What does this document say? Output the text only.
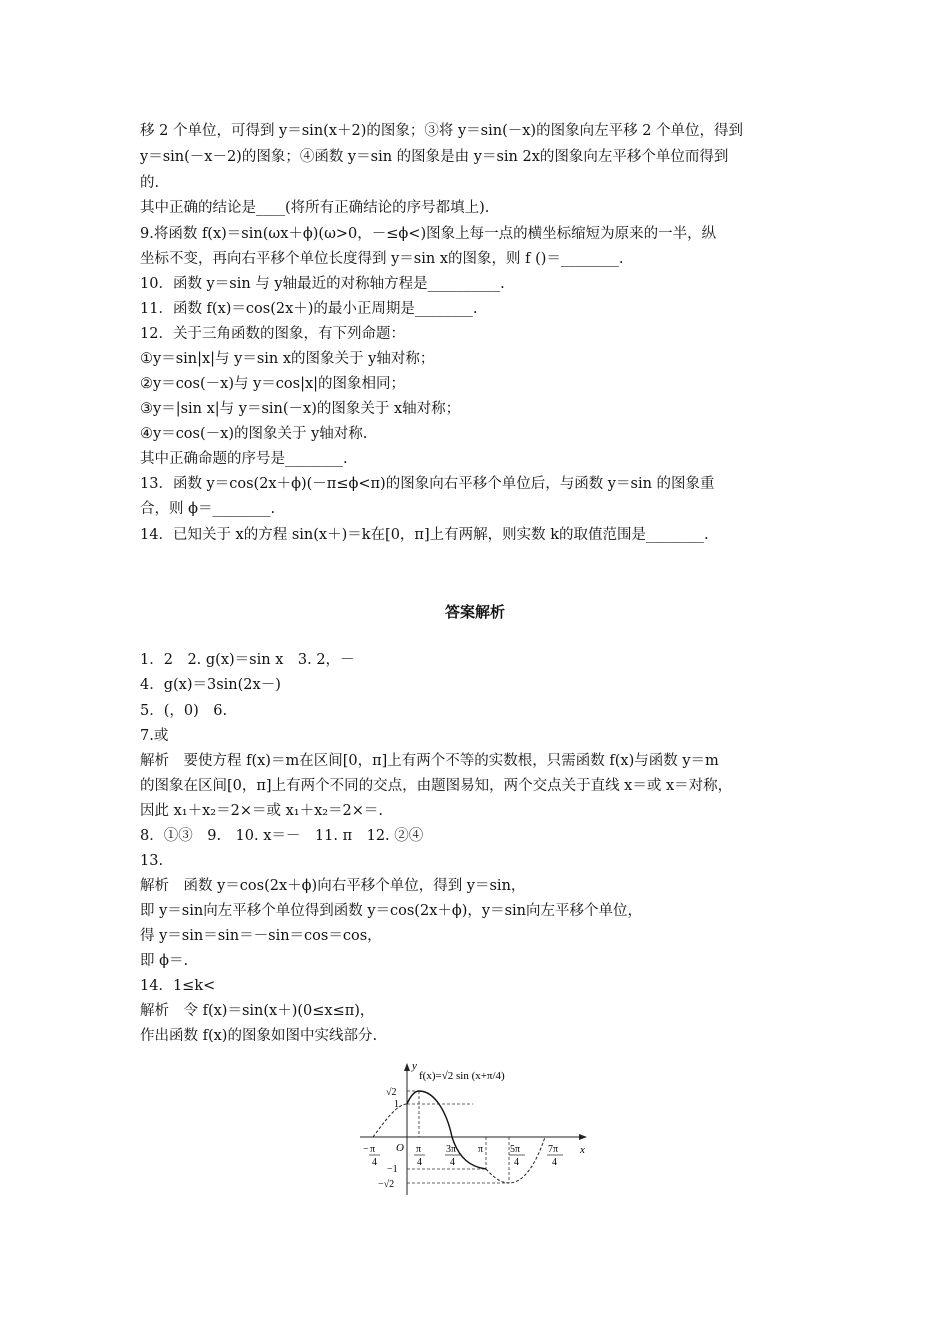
移 2 个单位，可得到 y＝sin(x＋2)的图象；③将 y＝sin(－x)的图象向左平移 2 个单位，得到
y＝sin(－x－2)的图象；④函数 y＝sin 的图象是由 y＝sin 2x的图象向左平移个单位而得到
的.
其中正确的结论是____(将所有正确结论的序号都填上).
9.将函数 f(x)＝sin(ωx＋ϕ)(ω>0，－≤ϕ<)图象上每一点的横坐标缩短为原来的一半，纵
坐标不变，再向右平移个单位长度得到 y＝sin x的图象，则 f ()＝________.
10．函数 y＝sin 与 y轴最近的对称轴方程是__________.
11．函数 f(x)＝cos(2x＋)的最小正周期是________.
12．关于三角函数的图象，有下列命题：
①y＝sin|x|与 y＝sin x的图象关于 y轴对称；
②y＝cos(－x)与 y＝cos|x|的图象相同；
③y＝|sin x|与 y＝sin(－x)的图象关于 x轴对称；
④y＝cos(－x)的图象关于 y轴对称.
其中正确命题的序号是________.
13．函数 y＝cos(2x＋ϕ)(－π≤ϕ<π)的图象向右平移个单位后，与函数 y＝sin 的图象重
合，则 ϕ＝________.
14．已知关于 x的方程 sin(x＋)＝k在[0，π]上有两解，则实数 k的取值范围是________.
答案解析
1．2　2. g(x)＝sin x　3. 2，－
4．g(x)＝3sin(2x－)
5．(，0)　6.
7.或
解析　要使方程 f(x)＝m在区间[0，π]上有两个不等的实数根，只需函数 f(x)与函数 y＝m
的图象在区间[0，π]上有两个不同的交点，由题图易知，两个交点关于直线 x＝或 x＝对称，
因此 x₁＋x₂＝2×＝或 x₁＋x₂＝2×＝.
8．①③　9.　10. x＝－　11. π　12. ②④
13.
解析　函数 y＝cos(2x＋ϕ)向右平移个单位，得到 y＝sin，
即 y＝sin向左平移个单位得到函数 y＝cos(2x＋ϕ)，y＝sin向左平移个单位，
得 y＝sin＝sin＝－sin＝cos＝cos，
即 ϕ＝.
14．1≤k<
解析　令 f(x)＝sin(x＋)(0≤x≤π)，
作出函数 f(x)的图象如图中实线部分.
f(x)=√2 sin (x+π/4)
y
x
O
√2
1
−1
−√2
− π
4
π
4
3π
4
π	5π
4
7π
4
